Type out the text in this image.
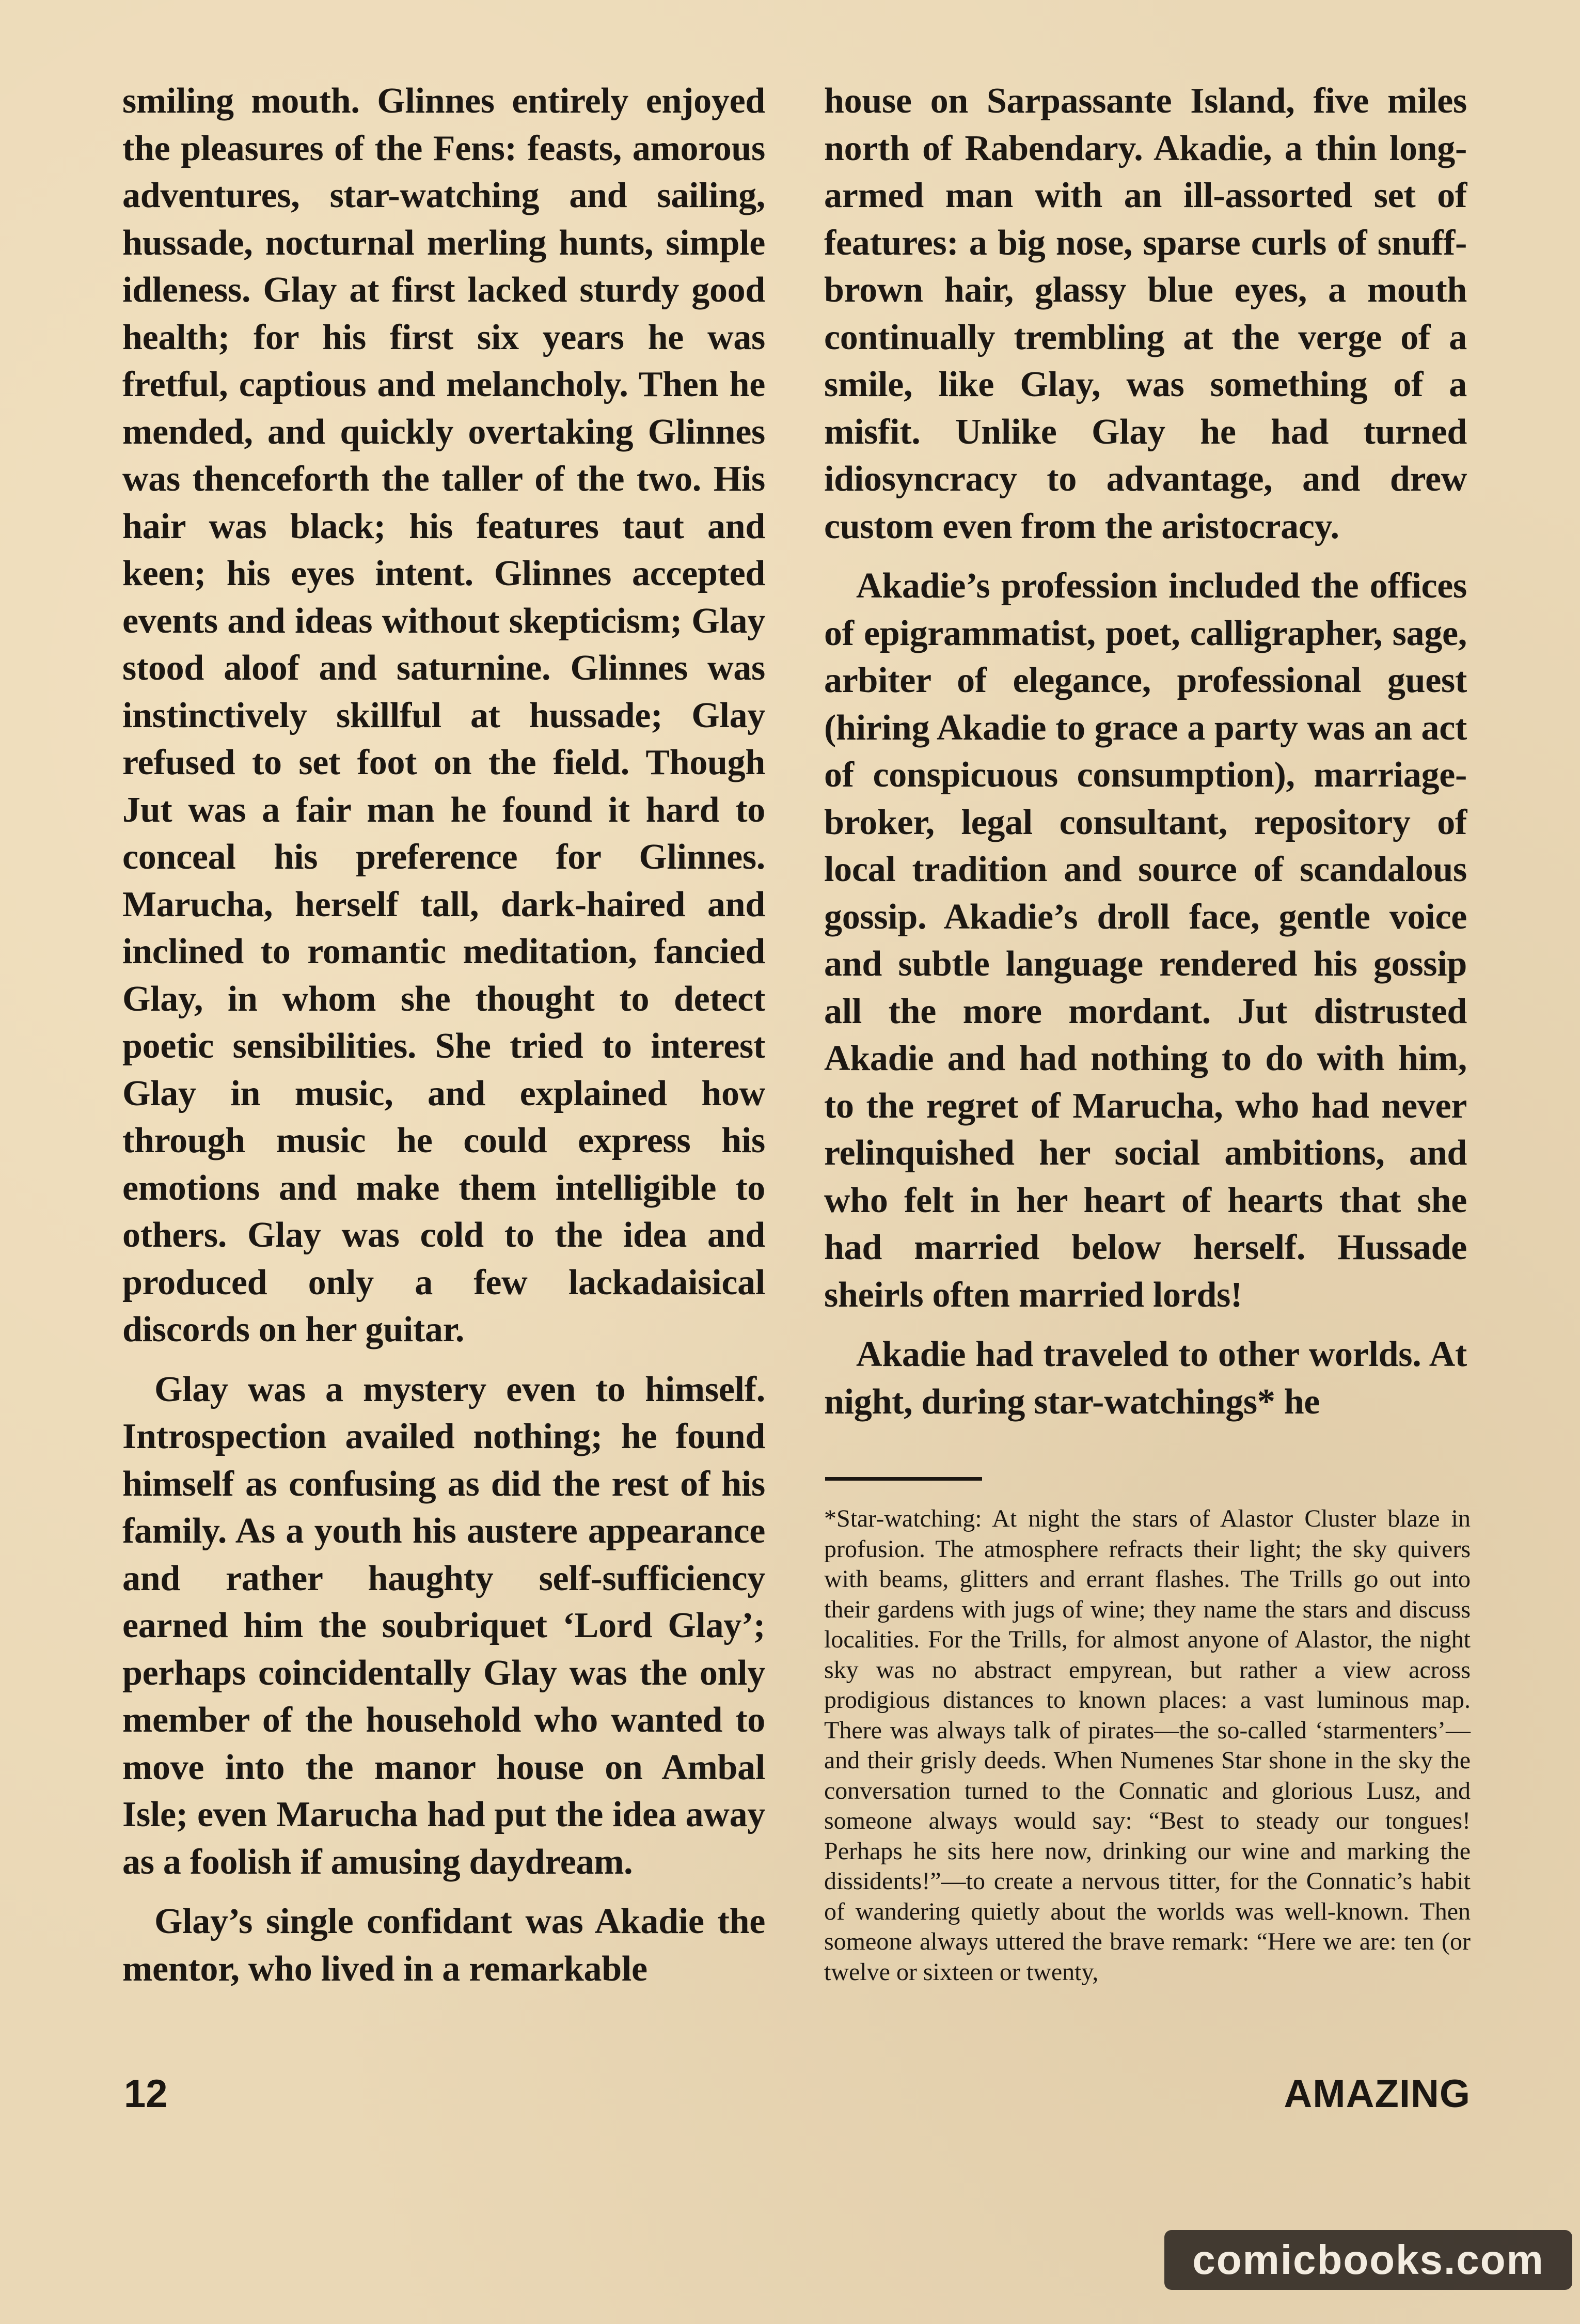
smiling mouth. Glinnes entirely enjoyed the pleasures of the Fens: feasts, amorous adventures, star-watching and sailing, hussade, nocturnal merling hunts, simple idleness. Glay at first lacked sturdy good health; for his first six years he was fretful, captious and melancholy. Then he mended, and quickly overtaking Glinnes was thenceforth the taller of the two. His hair was black; his features taut and keen; his eyes intent. Glinnes accepted events and ideas without skepticism; Glay stood aloof and saturnine. Glinnes was instinctively skillful at hussade; Glay refused to set foot on the field. Though Jut was a fair man he found it hard to conceal his preference for Glinnes. Marucha, herself tall, dark-haired and inclined to romantic meditation, fancied Glay, in whom she thought to detect poetic sensibilities. She tried to interest Glay in music, and explained how through music he could express his emotions and make them intelligible to others. Glay was cold to the idea and produced only a few lackadaisical discords on her guitar.

Glay was a mystery even to himself. Introspection availed nothing; he found himself as confusing as did the rest of his family. As a youth his austere appearance and rather haughty self-sufficiency earned him the soubriquet ‘Lord Glay’; perhaps coincidentally Glay was the only member of the household who wanted to move into the manor house on Ambal Isle; even Marucha had put the idea away as a foolish if amusing daydream.

Glay’s single confidant was Akadie the mentor, who lived in a remarkable

house on Sarpassante Island, five miles north of Rabendary. Akadie, a thin long-armed man with an ill-assorted set of features: a big nose, sparse curls of snuff-brown hair, glassy blue eyes, a mouth continually trembling at the verge of a smile, like Glay, was something of a misfit. Unlike Glay he had turned idiosyncracy to advantage, and drew custom even from the aristocracy.

Akadie’s profession included the offices of epigrammatist, poet, calligrapher, sage, arbiter of elegance, professional guest (hiring Akadie to grace a party was an act of conspicuous consumption), marriage-broker, legal consultant, repository of local tradition and source of scandalous gossip. Akadie’s droll face, gentle voice and subtle language rendered his gossip all the more mordant. Jut distrusted Akadie and had nothing to do with him, to the regret of Marucha, who had never relinquished her social ambitions, and who felt in her heart of hearts that she had married below herself. Hussade sheirls often married lords!

Akadie had traveled to other worlds. At night, during star-watchings* he

*Star-watching: At night the stars of Alastor Cluster blaze in profusion. The atmosphere refracts their light; the sky quivers with beams, glitters and errant flashes. The Trills go out into their gardens with jugs of wine; they name the stars and discuss localities. For the Trills, for almost anyone of Alastor, the night sky was no abstract empyrean, but rather a view across prodigious distances to known places: a vast luminous map. There was always talk of pirates—the so-called ‘starmenters’—and their grisly deeds. When Numenes Star shone in the sky the conversation turned to the Connatic and glorious Lusz, and someone always would say: “Best to steady our tongues! Perhaps he sits here now, drinking our wine and marking the dissidents!”—to create a nervous titter, for the Connatic’s habit of wandering quietly about the worlds was well-known. Then someone always uttered the brave remark: “Here we are: ten (or twelve or sixteen or twenty,

12	AMAZING
comicbooks.com
